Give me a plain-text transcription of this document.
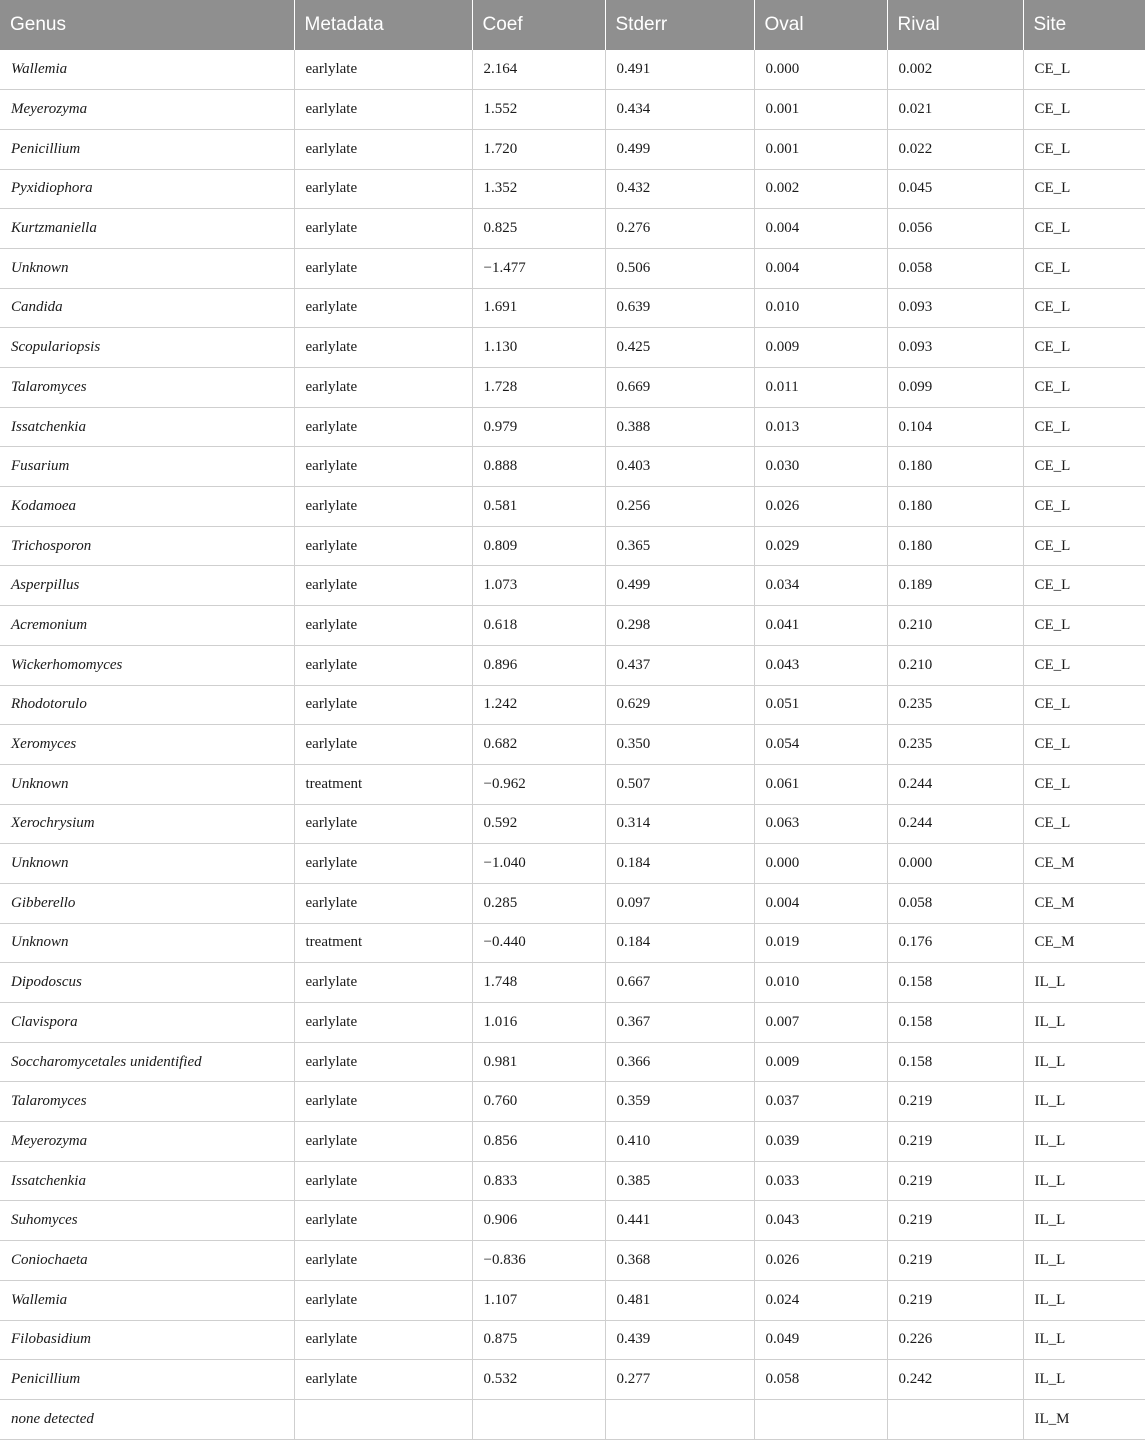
Genus	Metadata	Coef	Stderr	Oval	Rival	Site
Wallemia	earlylate	2.164	0.491	0.000	0.002	CE_L
Meyerozyma	earlylate	1.552	0.434	0.001	0.021	CE_L
Penicillium	earlylate	1.720	0.499	0.001	0.022	CE_L
Pyxidiophora	earlylate	1.352	0.432	0.002	0.045	CE_L
Kurtzmaniella	earlylate	0.825	0.276	0.004	0.056	CE_L
Unknown	earlylate	−1.477	0.506	0.004	0.058	CE_L
Candida	earlylate	1.691	0.639	0.010	0.093	CE_L
Scopulariopsis	earlylate	1.130	0.425	0.009	0.093	CE_L
Talaromyces	earlylate	1.728	0.669	0.011	0.099	CE_L
Issatchenkia	earlylate	0.979	0.388	0.013	0.104	CE_L
Fusarium	earlylate	0.888	0.403	0.030	0.180	CE_L
Kodamoea	earlylate	0.581	0.256	0.026	0.180	CE_L
Trichosporon	earlylate	0.809	0.365	0.029	0.180	CE_L
Asperpillus	earlylate	1.073	0.499	0.034	0.189	CE_L
Acremonium	earlylate	0.618	0.298	0.041	0.210	CE_L
Wickerhomomyces	earlylate	0.896	0.437	0.043	0.210	CE_L
Rhodotorulo	earlylate	1.242	0.629	0.051	0.235	CE_L
Xeromyces	earlylate	0.682	0.350	0.054	0.235	CE_L
Unknown	treatment	−0.962	0.507	0.061	0.244	CE_L
Xerochrysium	earlylate	0.592	0.314	0.063	0.244	CE_L
Unknown	earlylate	−1.040	0.184	0.000	0.000	CE_M
Gibberello	earlylate	0.285	0.097	0.004	0.058	CE_M
Unknown	treatment	−0.440	0.184	0.019	0.176	CE_M
Dipodoscus	earlylate	1.748	0.667	0.010	0.158	IL_L
Clavispora	earlylate	1.016	0.367	0.007	0.158	IL_L
Soccharomycetales unidentified	earlylate	0.981	0.366	0.009	0.158	IL_L
Talaromyces	earlylate	0.760	0.359	0.037	0.219	IL_L
Meyerozyma	earlylate	0.856	0.410	0.039	0.219	IL_L
Issatchenkia	earlylate	0.833	0.385	0.033	0.219	IL_L
Suhomyces	earlylate	0.906	0.441	0.043	0.219	IL_L
Coniochaeta	earlylate	−0.836	0.368	0.026	0.219	IL_L
Wallemia	earlylate	1.107	0.481	0.024	0.219	IL_L
Filobasidium	earlylate	0.875	0.439	0.049	0.226	IL_L
Penicillium	earlylate	0.532	0.277	0.058	0.242	IL_L
none detected						IL_M
